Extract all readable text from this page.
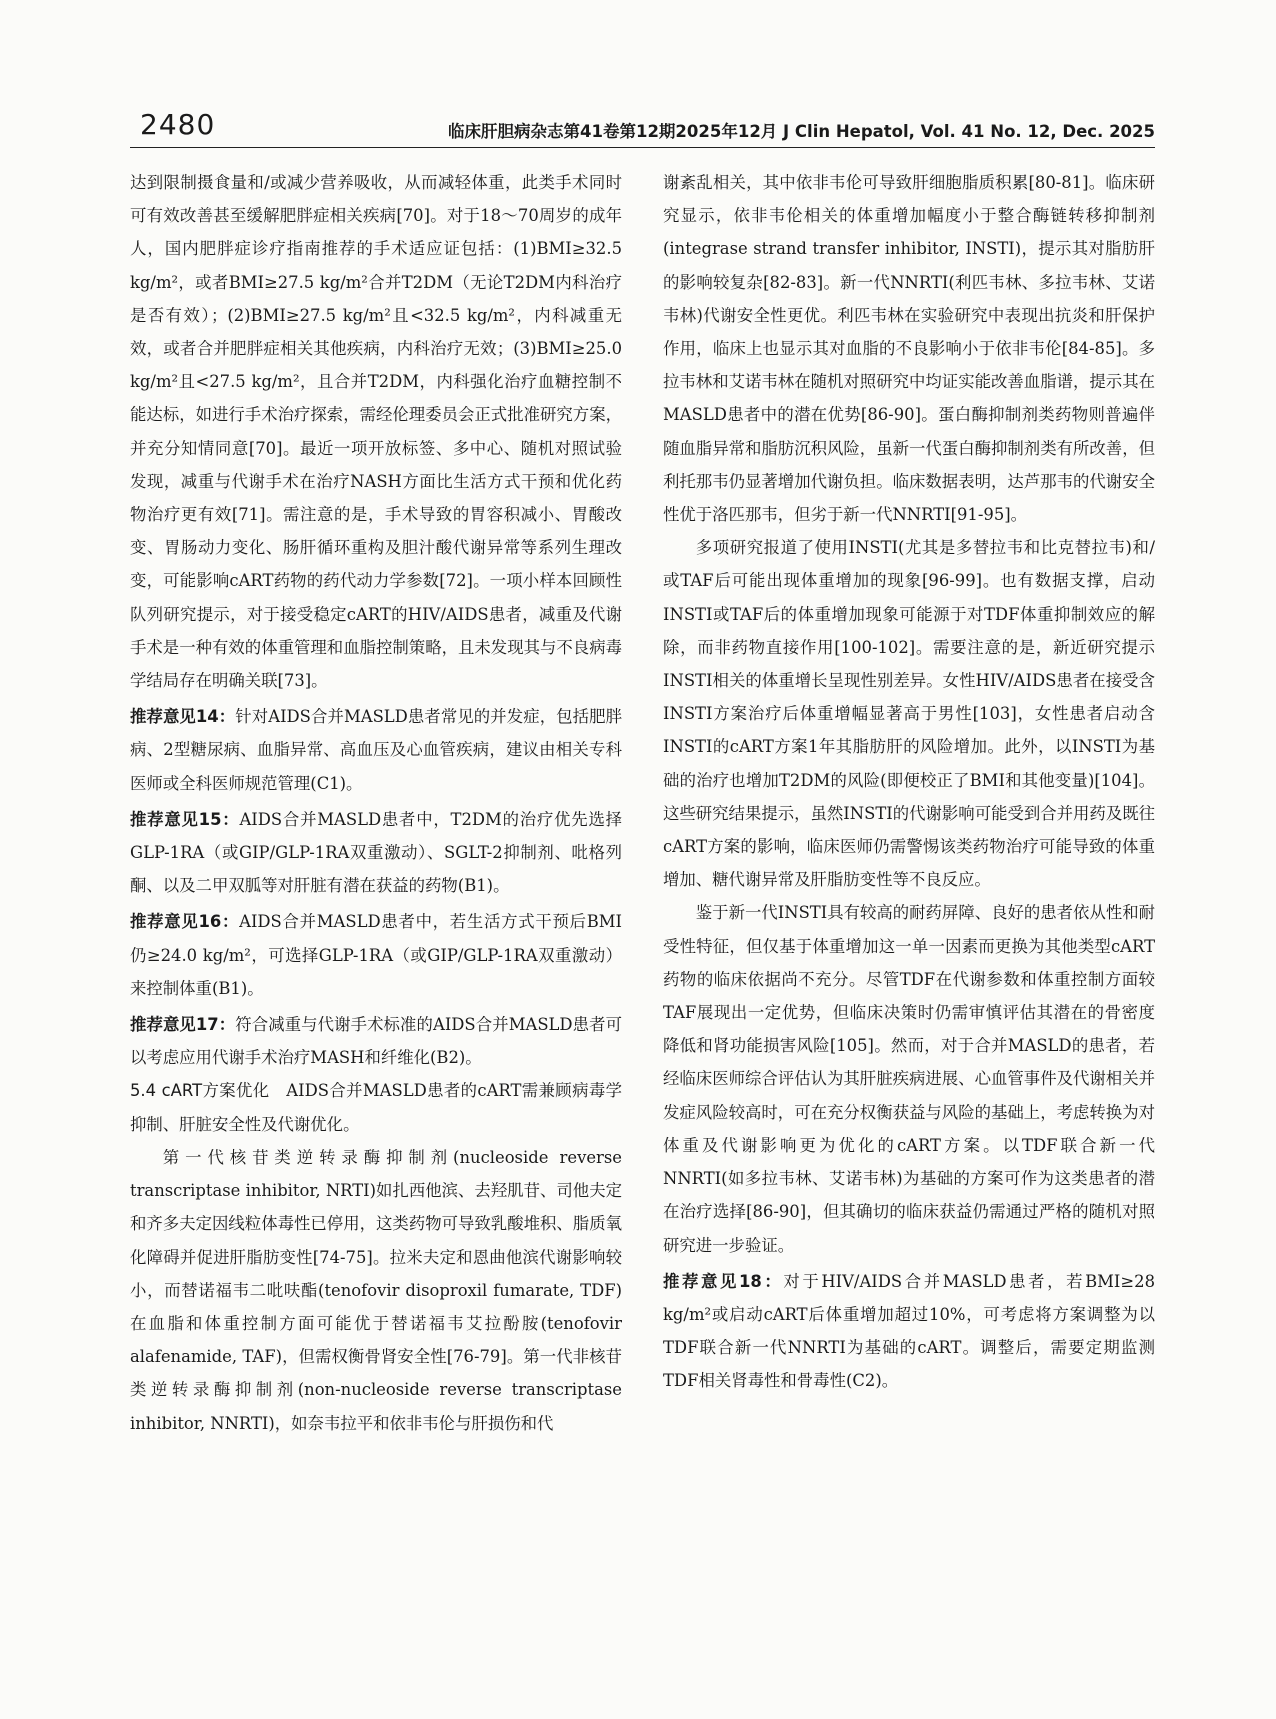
2480	临床肝胆病杂志第41卷第12期2025年12月 J Clin Hepatol, Vol. 41 No. 12, Dec. 2025

达到限制摄食量和/或减少营养吸收，从而减轻体重，此类手术同时可有效改善甚至缓解肥胖症相关疾病[70]。对于18～70周岁的成年人，国内肥胖症诊疗指南推荐的手术适应证包括：(1)BMI≥32.5 kg/m²，或者BMI≥27.5 kg/m²合并T2DM（无论T2DM内科治疗是否有效）；(2)BMI≥27.5 kg/m²且<32.5 kg/m²，内科减重无效，或者合并肥胖症相关其他疾病，内科治疗无效；(3)BMI≥25.0 kg/m²且<27.5 kg/m²，且合并T2DM，内科强化治疗血糖控制不能达标，如进行手术治疗探索，需经伦理委员会正式批准研究方案，并充分知情同意[70]。最近一项开放标签、多中心、随机对照试验发现，减重与代谢手术在治疗NASH方面比生活方式干预和优化药物治疗更有效[71]。需注意的是，手术导致的胃容积减小、胃酸改变、胃肠动力变化、肠肝循环重构及胆汁酸代谢异常等系列生理改变，可能影响cART药物的药代动力学参数[72]。一项小样本回顾性队列研究提示，对于接受稳定cART的HIV/AIDS患者，减重及代谢手术是一种有效的体重管理和血脂控制策略，且未发现其与不良病毒学结局存在明确关联[73]。

推荐意见14：针对AIDS合并MASLD患者常见的并发症，包括肥胖病、2型糖尿病、血脂异常、高血压及心血管疾病，建议由相关专科医师或全科医师规范管理(C1)。

推荐意见15：AIDS合并MASLD患者中，T2DM的治疗优先选择GLP-1RA（或GIP/GLP-1RA双重激动）、SGLT-2抑制剂、吡格列酮、以及二甲双胍等对肝脏有潜在获益的药物(B1)。

推荐意见16：AIDS合并MASLD患者中，若生活方式干预后BMI仍≥24.0 kg/m²，可选择GLP-1RA（或GIP/GLP-1RA双重激动）来控制体重(B1)。

推荐意见17：符合减重与代谢手术标准的AIDS合并MASLD患者可以考虑应用代谢手术治疗MASH和纤维化(B2)。

5.4 cART方案优化 AIDS合并MASLD患者的cART需兼顾病毒学抑制、肝脏安全性及代谢优化。

第一代核苷类逆转录酶抑制剂(nucleoside reverse transcriptase inhibitor, NRTI)如扎西他滨、去羟肌苷、司他夫定和齐多夫定因线粒体毒性已停用，这类药物可导致乳酸堆积、脂质氧化障碍并促进肝脂肪变性[74-75]。拉米夫定和恩曲他滨代谢影响较小，而替诺福韦二吡呋酯(tenofovir disoproxil fumarate, TDF)在血脂和体重控制方面可能优于替诺福韦艾拉酚胺(tenofovir alafenamide, TAF)，但需权衡骨肾安全性[76-79]。第一代非核苷类逆转录酶抑制剂(non-nucleoside reverse transcriptase inhibitor, NNRTI)，如奈韦拉平和依非韦伦与肝损伤和代

谢紊乱相关，其中依非韦伦可导致肝细胞脂质积累[80-81]。临床研究显示，依非韦伦相关的体重增加幅度小于整合酶链转移抑制剂(integrase strand transfer inhibitor, INSTI)，提示其对脂肪肝的影响较复杂[82-83]。新一代NNRTI(利匹韦林、多拉韦林、艾诺韦林)代谢安全性更优。利匹韦林在实验研究中表现出抗炎和肝保护作用，临床上也显示其对血脂的不良影响小于依非韦伦[84-85]。多拉韦林和艾诺韦林在随机对照研究中均证实能改善血脂谱，提示其在MASLD患者中的潜在优势[86-90]。蛋白酶抑制剂类药物则普遍伴随血脂异常和脂肪沉积风险，虽新一代蛋白酶抑制剂类有所改善，但利托那韦仍显著增加代谢负担。临床数据表明，达芦那韦的代谢安全性优于洛匹那韦，但劣于新一代NNRTI[91-95]。

多项研究报道了使用INSTI(尤其是多替拉韦和比克替拉韦)和/或TAF后可能出现体重增加的现象[96-99]。也有数据支撑，启动INSTI或TAF后的体重增加现象可能源于对TDF体重抑制效应的解除，而非药物直接作用[100-102]。需要注意的是，新近研究提示INSTI相关的体重增长呈现性别差异。女性HIV/AIDS患者在接受含INSTI方案治疗后体重增幅显著高于男性[103]，女性患者启动含INSTI的cART方案1年其脂肪肝的风险增加。此外，以INSTI为基础的治疗也增加T2DM的风险(即便校正了BMI和其他变量)[104]。这些研究结果提示，虽然INSTI的代谢影响可能受到合并用药及既往cART方案的影响，临床医师仍需警惕该类药物治疗可能导致的体重增加、糖代谢异常及肝脂肪变性等不良反应。

鉴于新一代INSTI具有较高的耐药屏障、良好的患者依从性和耐受性特征，但仅基于体重增加这一单一因素而更换为其他类型cART药物的临床依据尚不充分。尽管TDF在代谢参数和体重控制方面较TAF展现出一定优势，但临床决策时仍需审慎评估其潜在的骨密度降低和肾功能损害风险[105]。然而，对于合并MASLD的患者，若经临床医师综合评估认为其肝脏疾病进展、心血管事件及代谢相关并发症风险较高时，可在充分权衡获益与风险的基础上，考虑转换为对体重及代谢影响更为优化的cART方案。以TDF联合新一代NNRTI(如多拉韦林、艾诺韦林)为基础的方案可作为这类患者的潜在治疗选择[86-90]，但其确切的临床获益仍需通过严格的随机对照研究进一步验证。

推荐意见18：对于HIV/AIDS合并MASLD患者，若BMI≥28 kg/m²或启动cART后体重增加超过10%，可考虑将方案调整为以TDF联合新一代NNRTI为基础的cART。调整后，需要定期监测TDF相关肾毒性和骨毒性(C2)。
